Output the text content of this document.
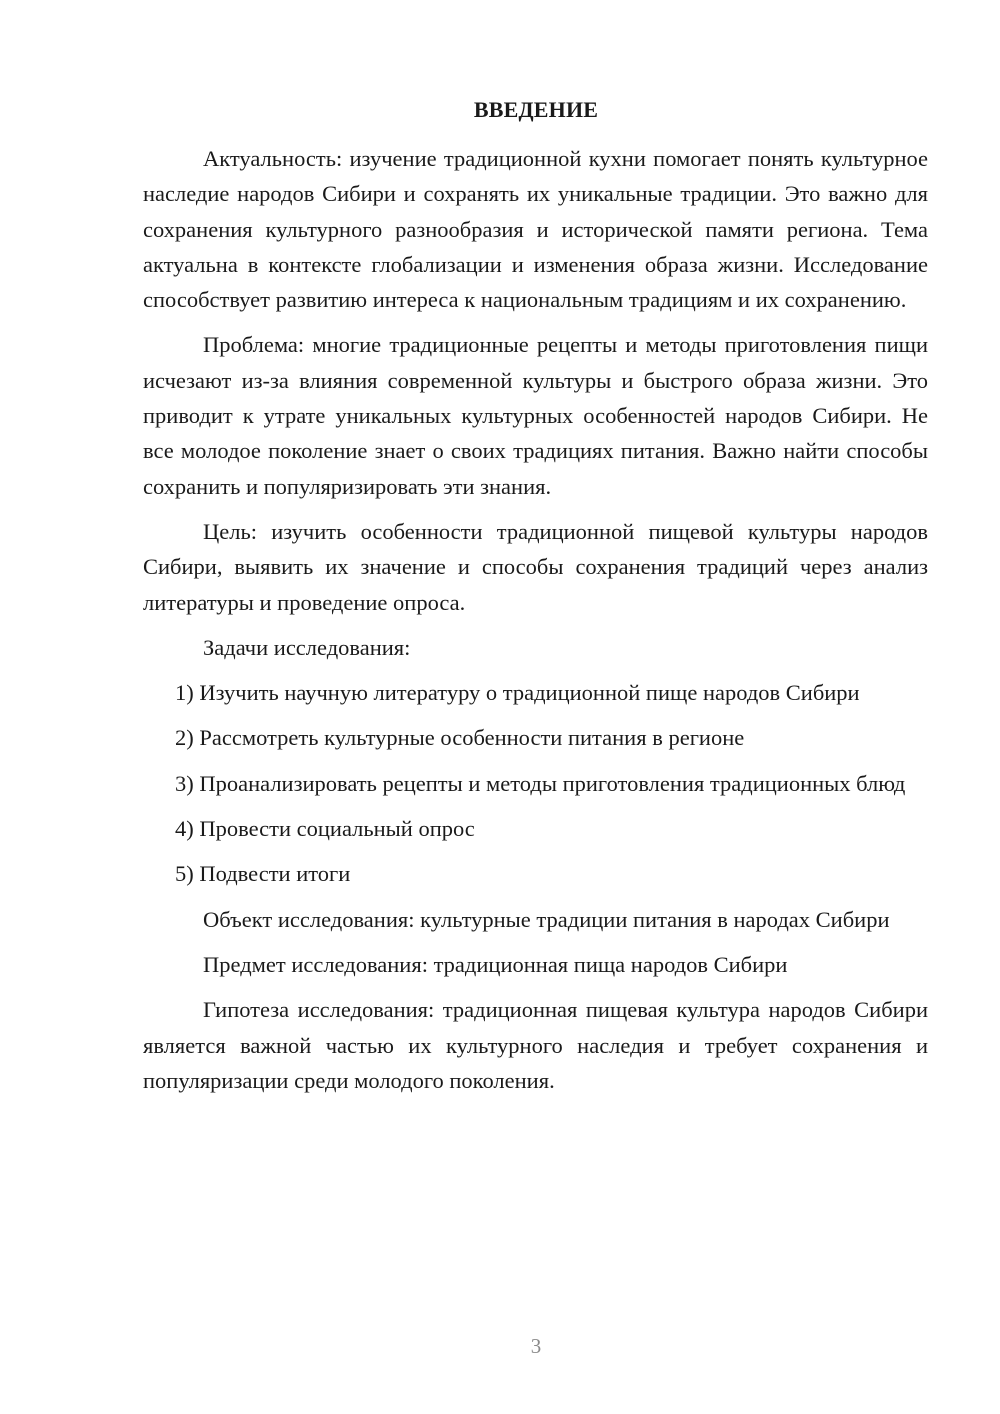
ВВЕДЕНИЕ

Актуальность: изучение традиционной кухни помогает понять культурное наследие народов Сибири и сохранять их уникальные традиции. Это важно для сохранения культурного разнообразия и исторической памяти региона. Тема актуальна в контексте глобализации и изменения образа жизни. Исследование способствует развитию интереса к национальным традициям и их сохранению.

Проблема: многие традиционные рецепты и методы приготовления пищи исчезают из-за влияния современной культуры и быстрого образа жизни. Это приводит к утрате уникальных культурных особенностей народов Сибири. Не все молодое поколение знает о своих традициях питания. Важно найти способы сохранить и популяризировать эти знания.

Цель: изучить особенности традиционной пищевой культуры народов Сибири, выявить их значение и способы сохранения традиций через анализ литературы и проведение опроса.

Задачи исследования:

1) Изучить научную литературу о традиционной пище народов Сибири

2) Рассмотреть культурные особенности питания в регионе

3) Проанализировать рецепты и методы приготовления традиционных блюд

4) Провести социальный опрос

5) Подвести итоги

Объект исследования: культурные традиции питания в народах Сибири

Предмет исследования: традиционная пища народов Сибири

Гипотеза исследования: традиционная пищевая культура народов Сибири является важной частью их культурного наследия и требует сохранения и популяризации среди молодого поколения.

3
